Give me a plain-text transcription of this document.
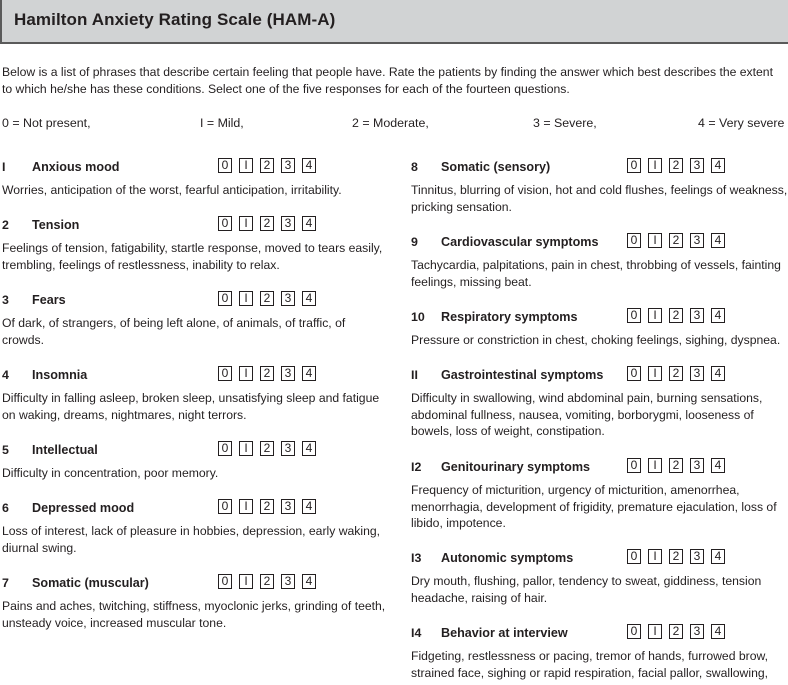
Hamilton Anxiety Rating Scale (HAM-A)
Below is a list of phrases that describe certain feeling that people have. Rate the patients by finding the answer which best describes the extent to which he/she has these conditions. Select one of the five responses for each of the fourteen questions.
0 = Not present,	I = Mild,	2 = Moderate,	3 = Severe,	4 = Very severe
I Anxious mood	0	I	2	3	4
Worries, anticipation of the worst, fearful anticipation, irritability.
2 Tension	0	I	2	3	4
Feelings of tension, fatigability, startle response, moved to tears easily, trembling, feelings of restlessness, inability to relax.
3 Fears	0	I	2	3	4
Of dark, of strangers, of being left alone, of animals, of traffic, of crowds.
4 Insomnia	0	I	2	3	4
Difficulty in falling asleep, broken sleep, unsatisfying sleep and fatigue on waking, dreams, nightmares, night terrors.
5 Intellectual	0	I	2	3	4
Difficulty in concentration, poor memory.
6 Depressed mood	0	I	2	3	4
Loss of interest, lack of pleasure in hobbies, depression, early waking, diurnal swing.
7 Somatic (muscular)	0	I	2	3	4
Pains and aches, twitching, stiffness, myoclonic jerks, grinding of teeth, unsteady voice, increased muscular tone.
8 Somatic (sensory)	0	I	2	3	4
Tinnitus, blurring of vision, hot and cold flushes, feelings of weakness, pricking sensation.
9 Cardiovascular symptoms	0	I	2	3	4
Tachycardia, palpitations, pain in chest, throbbing of vessels, fainting feelings, missing beat.
10 Respiratory symptoms	0	I	2	3	4
Pressure or constriction in chest, choking feelings, sighing, dyspnea.
II Gastrointestinal symptoms	0	I	2	3	4
Difficulty in swallowing, wind abdominal pain, burning sensations, abdominal fullness, nausea, vomiting, borborygmi, looseness of bowels, loss of weight, constipation.
I2 Genitourinary symptoms	0	I	2	3	4
Frequency of micturition, urgency of micturition, amenorrhea, menorrhagia, development of frigidity, premature ejaculation, loss of libido, impotence.
I3 Autonomic symptoms	0	I	2	3	4
Dry mouth, flushing, pallor, tendency to sweat, giddiness, tension headache, raising of hair.
I4 Behavior at interview	0	I	2	3	4
Fidgeting, restlessness or pacing, tremor of hands, furrowed brow, strained face, sighing or rapid respiration, facial pallor, swallowing,
